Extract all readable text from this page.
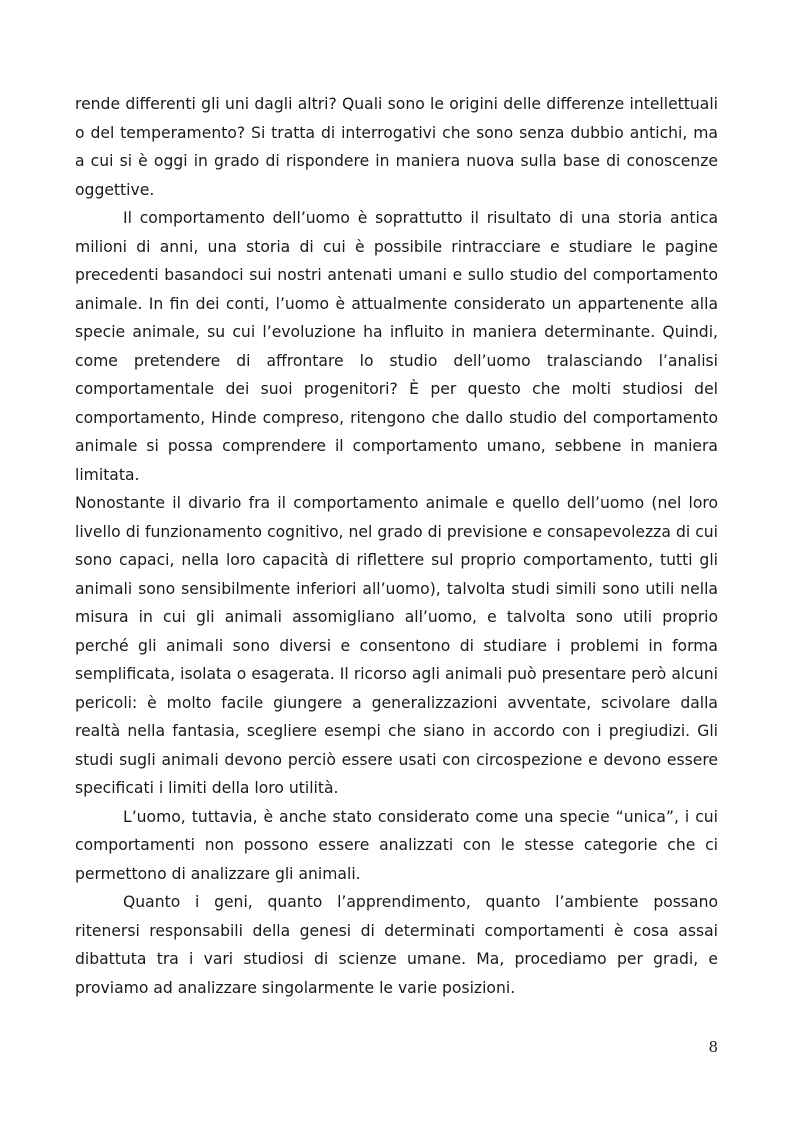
rende differenti gli uni dagli altri? Quali sono le origini delle differenze intellettuali o del temperamento? Si tratta di interrogativi che sono senza dubbio antichi, ma a cui si è oggi in grado di rispondere in maniera nuova sulla base di conoscenze oggettive.

Il comportamento dell’uomo è soprattutto il risultato di una storia antica milioni di anni, una storia di cui è possibile rintracciare e studiare le pagine precedenti basandoci sui nostri antenati umani e sullo studio del comportamento animale. In fin dei conti, l’uomo è attualmente considerato un appartenente alla specie animale, su cui l’evoluzione ha influito in maniera determinante. Quindi, come pretendere di affrontare lo studio dell’uomo tralasciando l’analisi comportamentale dei suoi progenitori? È per questo che molti studiosi del comportamento, Hinde compreso, ritengono che dallo studio del comportamento animale si possa comprendere il comportamento umano, sebbene in maniera limitata.

Nonostante il divario fra il comportamento animale e quello dell’uomo (nel loro livello di funzionamento cognitivo, nel grado di previsione e consapevolezza di cui sono capaci, nella loro capacità di riflettere sul proprio comportamento, tutti gli animali sono sensibilmente inferiori all’uomo), talvolta studi simili sono utili nella misura in cui gli animali assomigliano all’uomo, e talvolta sono utili proprio perché gli animali sono diversi e consentono di studiare i problemi in forma semplificata, isolata o esagerata. Il ricorso agli animali può presentare però alcuni pericoli: è molto facile giungere a generalizzazioni avventate, scivolare dalla realtà nella fantasia, scegliere esempi che siano in accordo con i pregiudizi. Gli studi sugli animali devono perciò essere usati con circospezione e devono essere specificati i limiti della loro utilità.

L’uomo, tuttavia, è anche stato considerato come una specie “unica”, i cui comportamenti non possono essere analizzati con le stesse categorie che ci permettono di analizzare gli animali.

Quanto i geni, quanto l’apprendimento, quanto l’ambiente possano ritenersi responsabili della genesi di determinati comportamenti è cosa assai dibattuta tra i vari studiosi di scienze umane. Ma, procediamo per gradi, e proviamo ad analizzare singolarmente le varie posizioni.

8
